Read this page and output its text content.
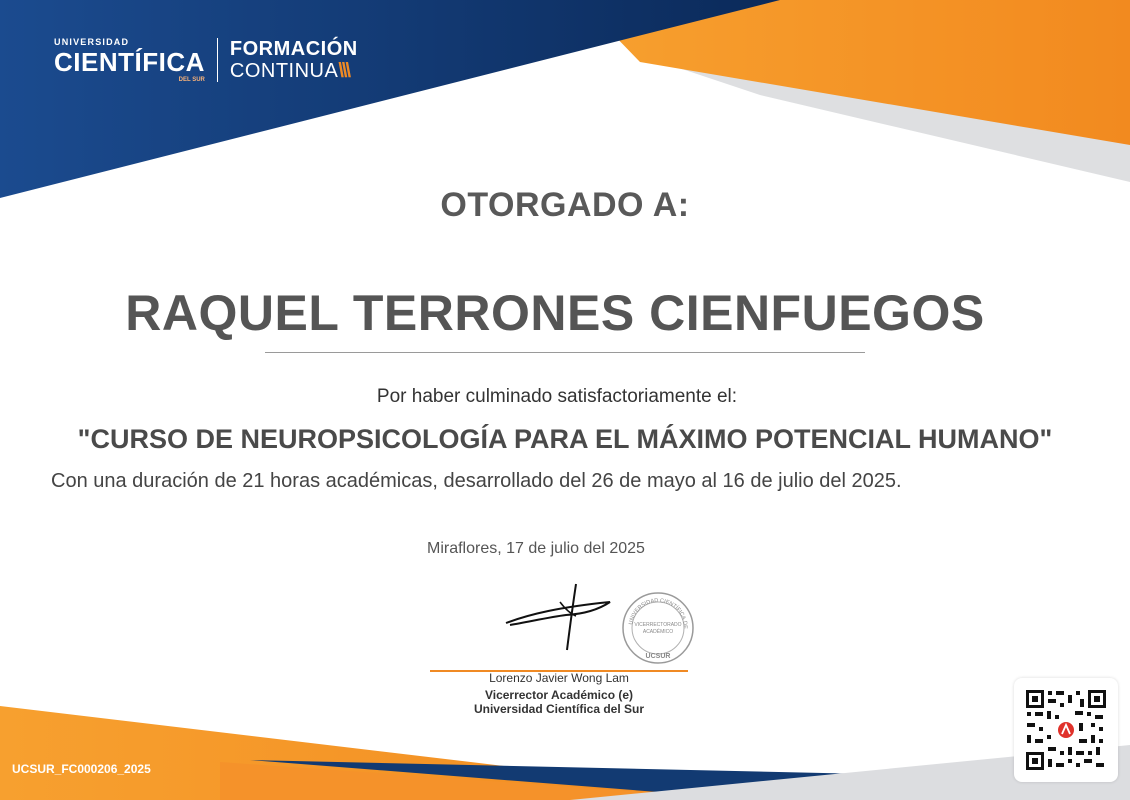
UNIVERSIDAD
CIENTÍFICA
DEL SUR
FORMACIÓN
CONTINUA\\\
OTORGADO A:
RAQUEL TERRONES CIENFUEGOS
Por haber culminado satisfactoriamente el:
"CURSO DE NEUROPSICOLOGÍA PARA EL MÁXIMO POTENCIAL HUMANO"
Con una duración de 21 horas académicas, desarrollado del 26 de mayo al 16 de julio del 2025.
Miraflores, 17 de julio del 2025
UNIVERSIDAD CIENTÍFICA DE
VICERRECTORADO
ACADÉMICO
UCSUR
Lorenzo Javier Wong Lam
Vicerrector Académico (e)
Universidad Científica del Sur
UCSUR_FC000206_2025
